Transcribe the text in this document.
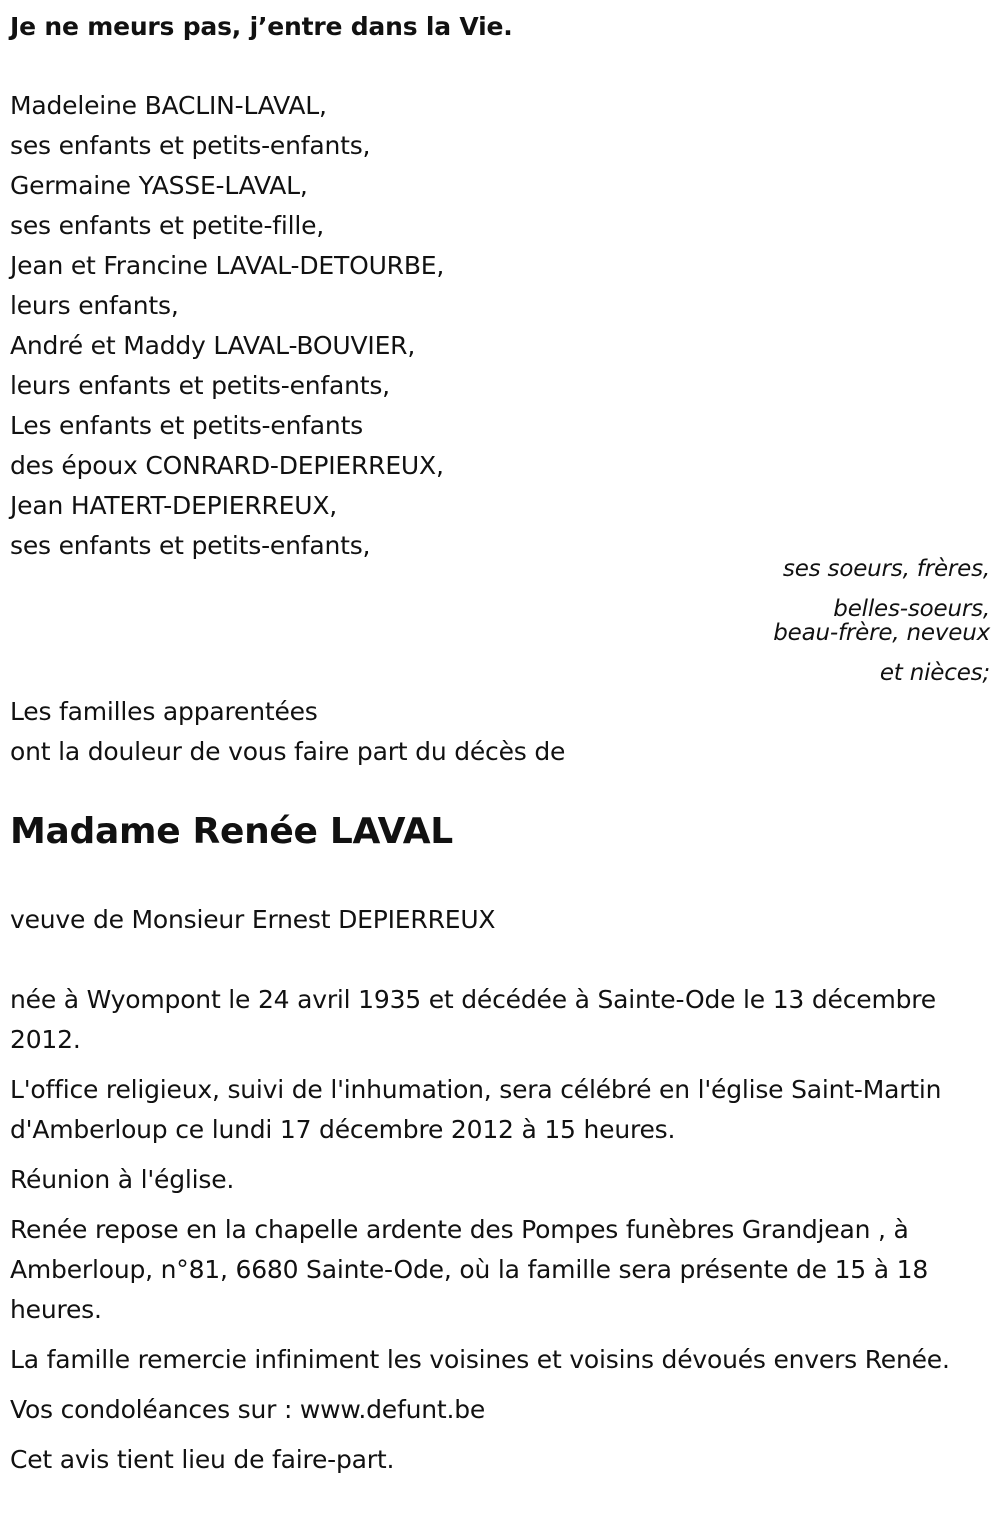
Je ne meurs pas, j’entre dans la Vie.
Madeleine BACLIN-LAVAL,
ses enfants et petits-enfants,
Germaine YASSE-LAVAL,
ses enfants et petite-fille,
Jean et Francine LAVAL-DETOURBE,
leurs enfants,
André et Maddy LAVAL-BOUVIER,
leurs enfants et petits-enfants,
Les enfants et petits-enfants
des époux CONRARD-DEPIERREUX,
Jean HATERT-DEPIERREUX,
ses enfants et petits-enfants,
ses soeurs, frères,
belles-soeurs,
beau-frère, neveux
et nièces;
Les familles apparentées
ont la douleur de vous faire part du décès de
Madame Renée LAVAL
veuve de Monsieur Ernest DEPIERREUX

née à Wyompont le 24 avril 1935 et décédée à Sainte-Ode le 13 décembre 2012.

L'office religieux, suivi de l'inhumation, sera célébré en l'église Saint-Martin d'Amberloup ce lundi 17 décembre 2012 à 15 heures.

Réunion à l'église.

Renée repose en la chapelle ardente des Pompes funèbres Grandjean , à Amberloup, n°81, 6680 Sainte-Ode, où la famille sera présente de 15 à 18 heures.

La famille remercie infiniment les voisines et voisins dévoués envers Renée.

Vos condoléances sur : www.defunt.be

Cet avis tient lieu de faire-part.
